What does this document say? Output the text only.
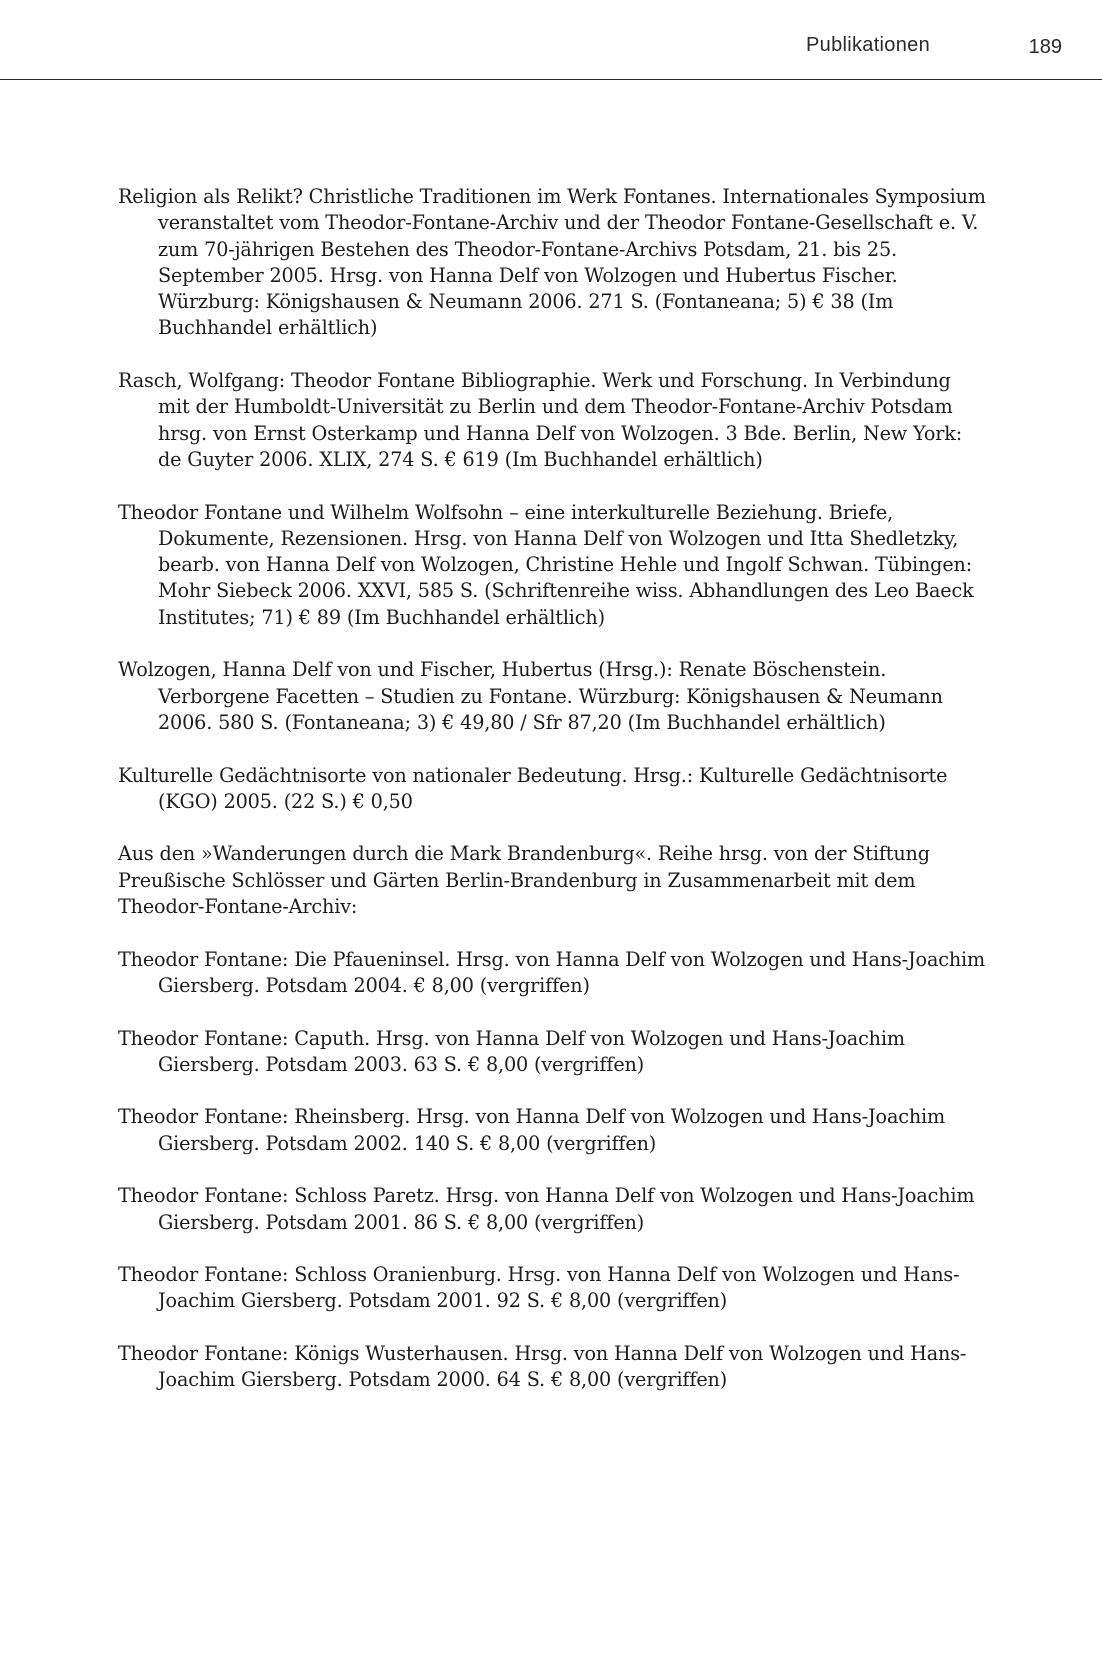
Publikationen	189

Religion als Relikt? Christliche Traditionen im Werk Fontanes. Internationales Symposium veranstaltet vom Theodor-Fontane-Archiv und der Theodor Fontane-Gesellschaft e. V. zum 70-jährigen Bestehen des Theodor-Fontane-Archivs Potsdam, 21. bis 25. September 2005. Hrsg. von Hanna Delf von Wolzogen und Hubertus Fischer. Würzburg: Königshausen & Neumann 2006. 271 S. (Fontaneana; 5) € 38 (Im Buchhandel erhältlich)

Rasch, Wolfgang: Theodor Fontane Bibliographie. Werk und Forschung. In Verbindung mit der Humboldt-Universität zu Berlin und dem Theodor-Fontane-Archiv Potsdam hrsg. von Ernst Osterkamp und Hanna Delf von Wolzogen. 3 Bde. Berlin, New York: de Guyter 2006. XLIX, 274 S. € 619 (Im Buchhandel erhältlich)

Theodor Fontane und Wilhelm Wolfsohn – eine interkulturelle Beziehung. Briefe, Dokumente, Rezensionen. Hrsg. von Hanna Delf von Wolzogen und Itta Shedletzky, bearb. von Hanna Delf von Wolzogen, Christine Hehle und Ingolf Schwan. Tübingen: Mohr Siebeck 2006. XXVI, 585 S. (Schriftenreihe wiss. Abhandlungen des Leo Baeck Institutes; 71) € 89 (Im Buchhandel erhältlich)

Wolzogen, Hanna Delf von und Fischer, Hubertus (Hrsg.): Renate Böschenstein. Verborgene Facetten – Studien zu Fontane. Würzburg: Königshausen & Neumann 2006. 580 S. (Fontaneana; 3) € 49,80 / Sfr 87,20 (Im Buchhandel erhältlich)

Kulturelle Gedächtnisorte von nationaler Bedeutung. Hrsg.: Kulturelle Gedächtnisorte (KGO) 2005. (22 S.) € 0,50

Aus den »Wanderungen durch die Mark Brandenburg«. Reihe hrsg. von der Stiftung Preußische Schlösser und Gärten Berlin-Brandenburg in Zusammenarbeit mit dem Theodor-Fontane-Archiv:

Theodor Fontane: Die Pfaueninsel. Hrsg. von Hanna Delf von Wolzogen und Hans-Joachim Giersberg. Potsdam 2004. € 8,00 (vergriffen)

Theodor Fontane: Caputh. Hrsg. von Hanna Delf von Wolzogen und Hans-Joachim Giersberg. Potsdam 2003. 63 S. € 8,00 (vergriffen)

Theodor Fontane: Rheinsberg. Hrsg. von Hanna Delf von Wolzogen und Hans-Joachim Giersberg. Potsdam 2002. 140 S. € 8,00 (vergriffen)

Theodor Fontane: Schloss Paretz. Hrsg. von Hanna Delf von Wolzogen und Hans-Joachim Giersberg. Potsdam 2001. 86 S. € 8,00 (vergriffen)

Theodor Fontane: Schloss Oranienburg. Hrsg. von Hanna Delf von Wolzogen und Hans-Joachim Giersberg. Potsdam 2001. 92 S. € 8,00 (vergriffen)

Theodor Fontane: Königs Wusterhausen. Hrsg. von Hanna Delf von Wolzogen und Hans-Joachim Giersberg. Potsdam 2000. 64 S. € 8,00 (vergriffen)
